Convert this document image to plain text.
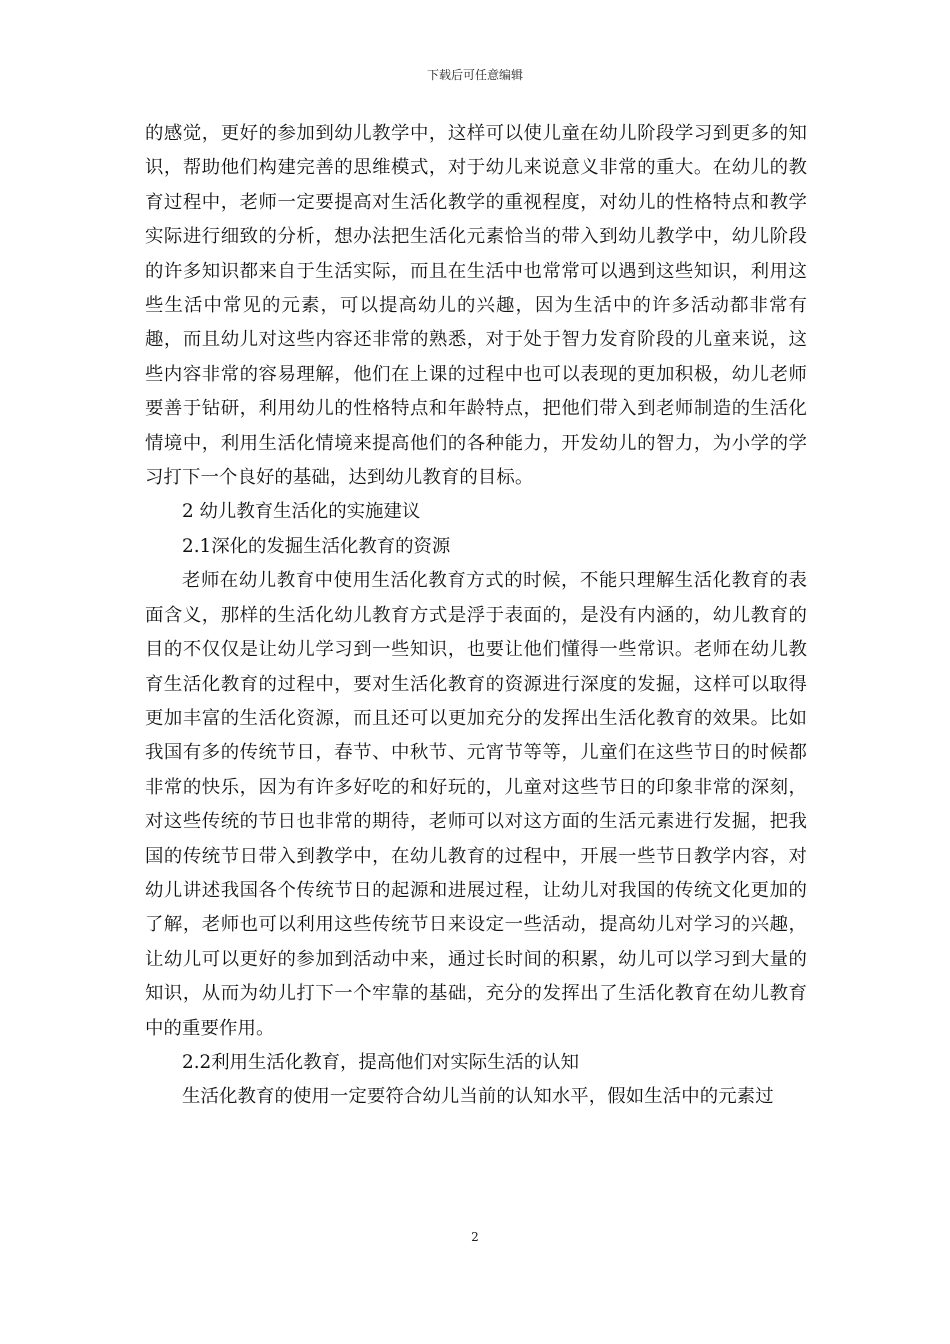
下载后可任意编辑

的感觉，更好的参加到幼儿教学中，这样可以使儿童在幼儿阶段学习到更多的知识，帮助他们构建完善的思维模式，对于幼儿来说意义非常的重大。在幼儿的教育过程中，老师一定要提高对生活化教学的重视程度，对幼儿的性格特点和教学实际进行细致的分析，想办法把生活化元素恰当的带入到幼儿教学中，幼儿阶段的许多知识都来自于生活实际，而且在生活中也常常可以遇到这些知识，利用这些生活中常见的元素，可以提高幼儿的兴趣，因为生活中的许多活动都非常有趣，而且幼儿对这些内容还非常的熟悉，对于处于智力发育阶段的儿童来说，这些内容非常的容易理解，他们在上课的过程中也可以表现的更加积极，幼儿老师要善于钻研，利用幼儿的性格特点和年龄特点，把他们带入到老师制造的生活化情境中，利用生活化情境来提高他们的各种能力，开发幼儿的智力，为小学的学习打下一个良好的基础，达到幼儿教育的目标。

2 幼儿教育生活化的实施建议

2.1深化的发掘生活化教育的资源

老师在幼儿教育中使用生活化教育方式的时候，不能只理解生活化教育的表面含义，那样的生活化幼儿教育方式是浮于表面的，是没有内涵的，幼儿教育的目的不仅仅是让幼儿学习到一些知识，也要让他们懂得一些常识。老师在幼儿教育生活化教育的过程中，要对生活化教育的资源进行深度的发掘，这样可以取得更加丰富的生活化资源，而且还可以更加充分的发挥出生活化教育的效果。比如我国有多的传统节日，春节、中秋节、元宵节等等，儿童们在这些节日的时候都非常的快乐，因为有许多好吃的和好玩的，儿童对这些节日的印象非常的深刻，对这些传统的节日也非常的期待，老师可以对这方面的生活元素进行发掘，把我国的传统节日带入到教学中，在幼儿教育的过程中，开展一些节日教学内容，对幼儿讲述我国各个传统节日的起源和进展过程，让幼儿对我国的传统文化更加的了解，老师也可以利用这些传统节日来设定一些活动，提高幼儿对学习的兴趣，让幼儿可以更好的参加到活动中来，通过长时间的积累，幼儿可以学习到大量的知识，从而为幼儿打下一个牢靠的基础，充分的发挥出了生活化教育在幼儿教育中的重要作用。

2.2利用生活化教育，提高他们对实际生活的认知

生活化教育的使用一定要符合幼儿当前的认知水平，假如生活中的元素过

2
